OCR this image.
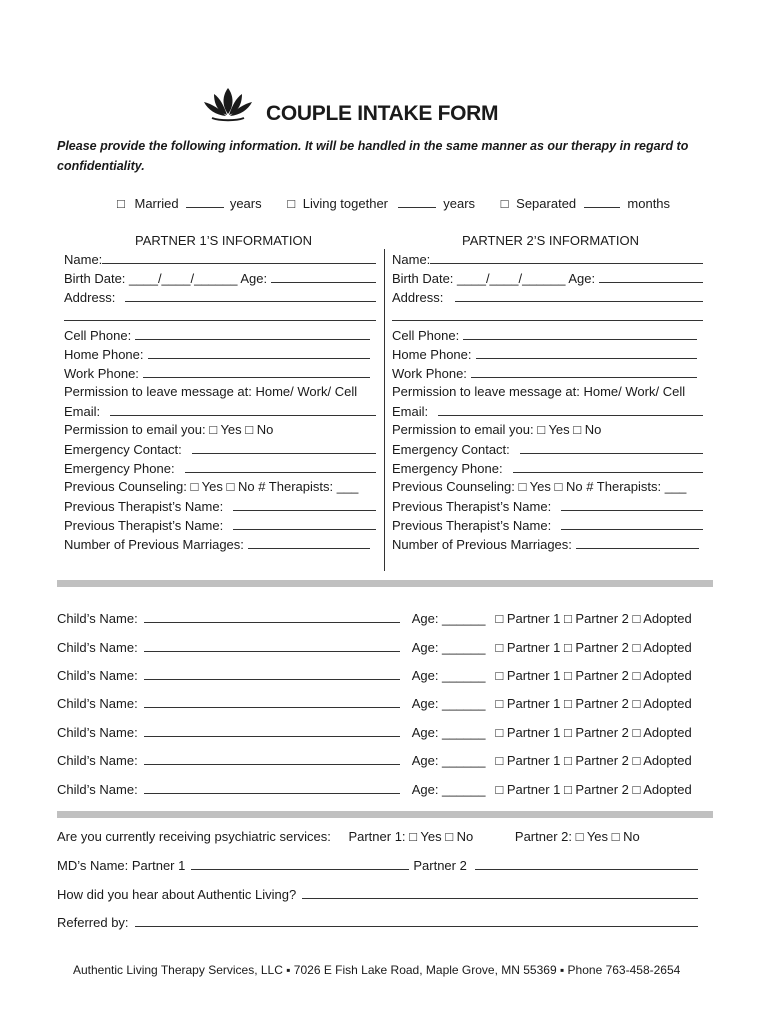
COUPLE INTAKE FORM
Please provide the following information. It will be handled in the same manner as our therapy in regard to confidentiality.
□ Married	years □ Living together	years □ Separated	months
PARTNER 1’S INFORMATION	PARTNER 2’S INFORMATION
Name:
Birth Date: ____/____/______ Age:
Address:
Cell Phone:
Home Phone:
Work Phone:
Permission to leave message at: Home/ Work/ Cell
Email:
Permission to email you: □ Yes □ No
Emergency Contact:
Emergency Phone:
Previous Counseling: □ Yes □ No # Therapists: ___
Previous Therapist’s Name:
Previous Therapist’s Name:
Number of Previous Marriages:
Name:
Birth Date: ____/____/______ Age:
Address:
Cell Phone:
Home Phone:
Work Phone:
Permission to leave message at: Home/ Work/ Cell
Email:
Permission to email you: □ Yes □ No
Emergency Contact:
Emergency Phone:
Previous Counseling: □ Yes □ No # Therapists: ___
Previous Therapist’s Name:
Previous Therapist’s Name:
Number of Previous Marriages:
Child’s Name:	Age: ______ □ Partner 1 □ Partner 2 □ Adopted
Child’s Name:	Age: ______ □ Partner 1 □ Partner 2 □ Adopted
Child’s Name:	Age: ______ □ Partner 1 □ Partner 2 □ Adopted
Child’s Name:	Age: ______ □ Partner 1 □ Partner 2 □ Adopted
Child’s Name:	Age: ______ □ Partner 1 □ Partner 2 □ Adopted
Child’s Name:	Age: ______ □ Partner 1 □ Partner 2 □ Adopted
Child’s Name:	Age: ______ □ Partner 1 □ Partner 2 □ Adopted
Are you currently receiving psychiatric services: Partner 1: □ Yes □ No	Partner 2: □ Yes □ No
MD’s Name: Partner 1	Partner 2
How did you hear about Authentic Living?
Referred by:
Authentic Living Therapy Services, LLC ▪ 7026 E Fish Lake Road, Maple Grove, MN 55369 ▪ Phone 763-458-2654
